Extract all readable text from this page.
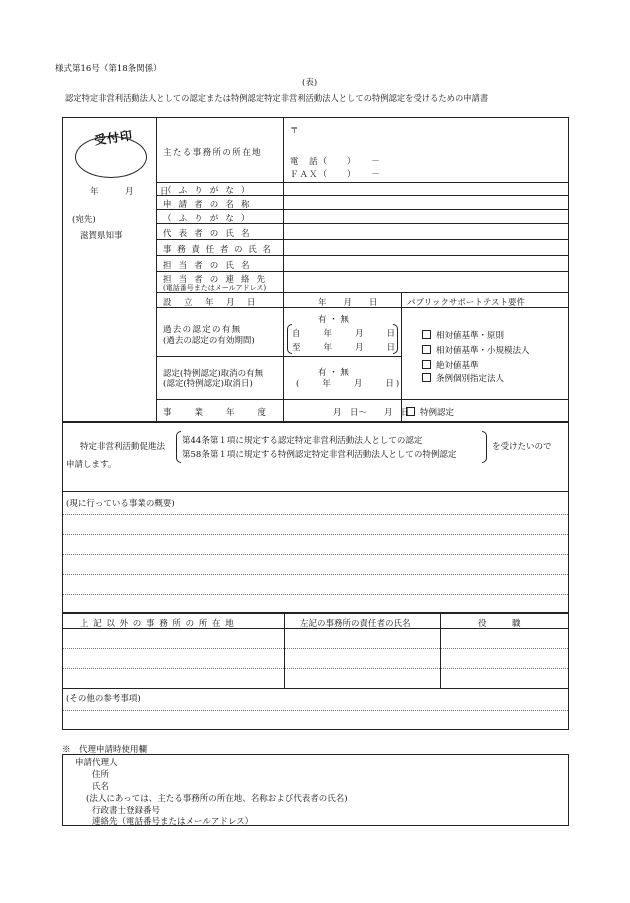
様式第16号（第18条関係）
(表)
認定特定非営利活動法人としての認定または特例認定特定非営利活動法人としての特例認定を受けるための申請書
受付印
年　月　日
(宛先)
滋賀県知事
主たる事務所の所在地
〒
電　話（　　）　　－
ＦＡＸ（　　）　　－
（ ふ り が な ）
申 請 者 の 名 称
（ ふ り が な ）
代 表 者 の 氏 名
事 務 責 任 者 の 氏 名
担 当 者 の 氏 名
担 当 者 の 連 絡 先
(電話番号またはメールアドレス)
設　立　年　月　日	年　　月　　日	パブリックサポートテスト要件
相対値基準・原則
相対値基準・小規模法人
絶対値基準
条例個別指定法人
特例認定
過去の認定の有無
(過去の認定の有効期間)
有 ・ 無
自　　年　　月　　日
至　　年　　月　　日
認定(特例認定)取消の有無
(認定(特例認定)取消日)
有 ・ 無
(　　年　　月　　日)
事　　業　　年　　度	月　日～　　月　日
特定非営利活動促進法
第44条第１項に規定する認定特定非営利活動法人としての認定
第58条第１項に規定する特例認定特定非営利活動法人としての特例認定
を受けたいので
申請します。
(現に行っている事業の概要)
上 記 以 外 の 事 務 所 の 所 在 地	左記の事務所の責任者の氏名	役　　　職
(その他の参考事項)
※　代理申請時使用欄
申請代理人
住所
氏名
(法人にあっては、主たる事務所の所在地、名称および代表者の氏名)
行政書士登録番号
連絡先（電話番号またはメールアドレス）
